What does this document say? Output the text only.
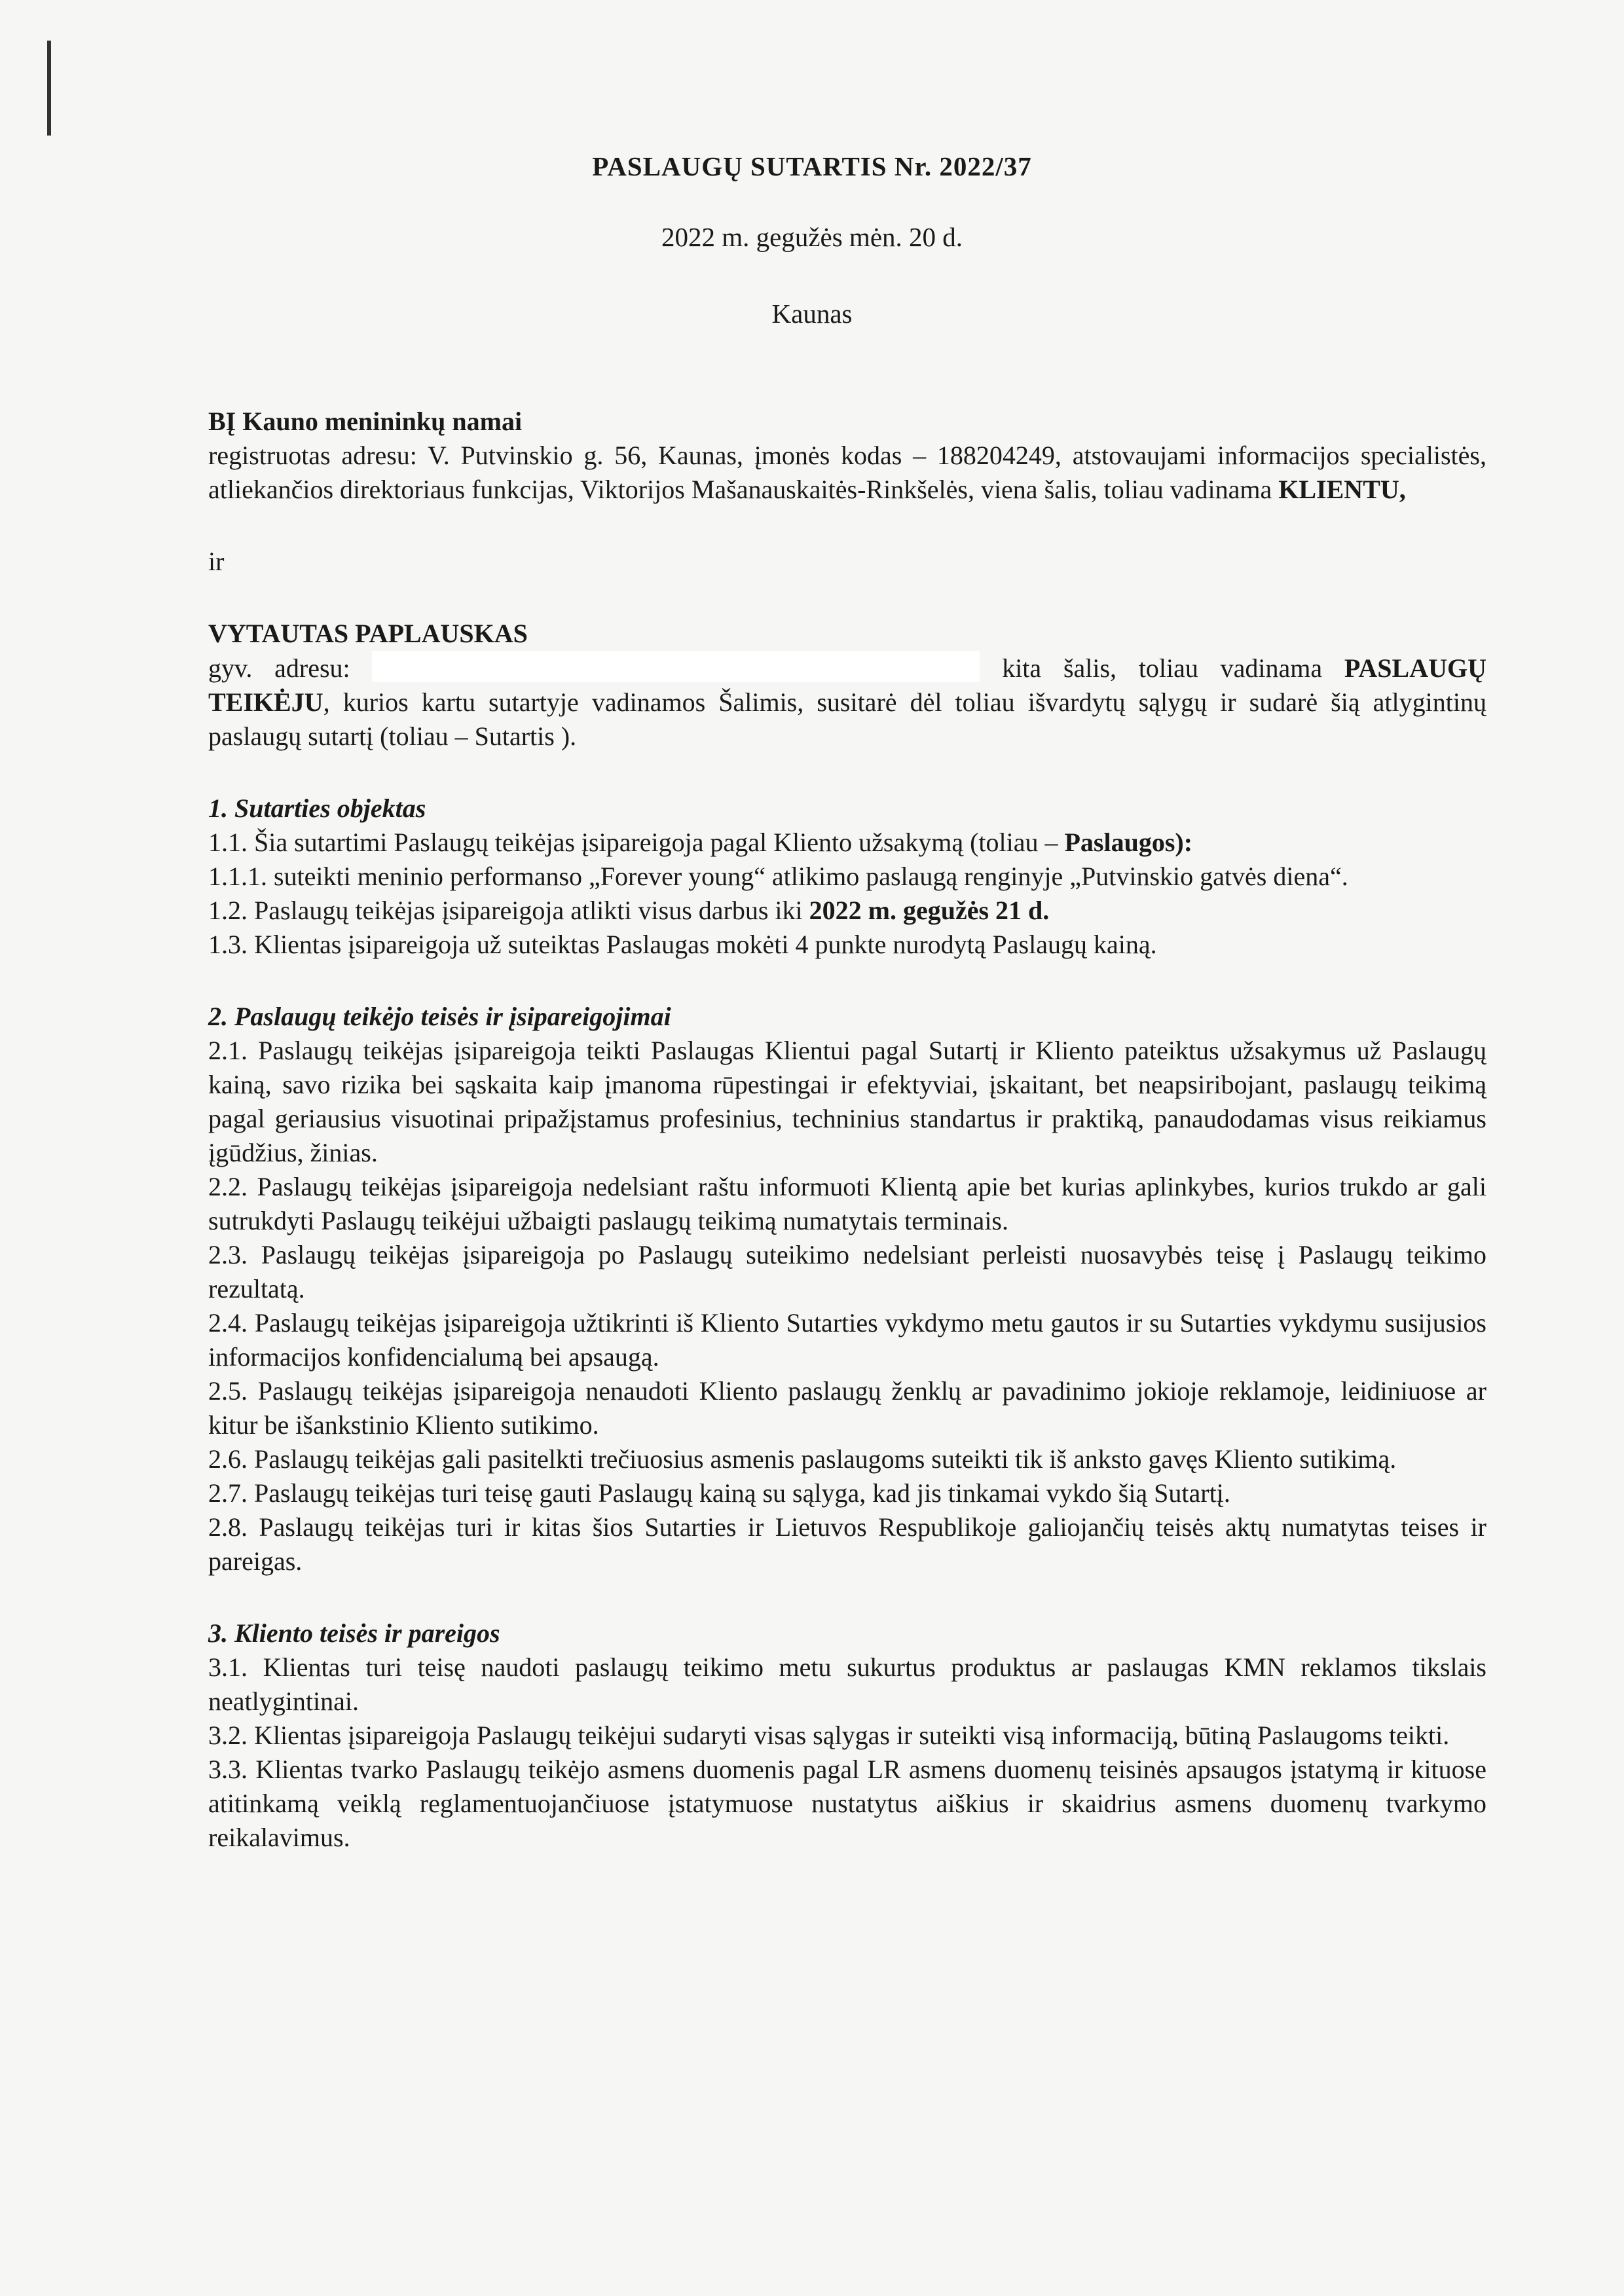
PASLAUGŲ SUTARTIS Nr. 2022/37
2022 m. gegužės mėn. 20 d.
Kaunas

BĮ Kauno menininkų namai

registruotas adresu: V. Putvinskio g. 56, Kaunas, įmonės kodas – 188204249, atstovaujami informacijos specialistės, atliekančios direktoriaus funkcijas, Viktorijos Mašanauskaitės-Rinkšelės, viena šalis, toliau vadinama KLIENTU,

ir

VYTAUTAS PAPLAUSKAS

gyv. adresu:	kita šalis, toliau vadinama PASLAUGŲ TEIKĖJU, kurios kartu sutartyje vadinamos Šalimis, susitarė dėl toliau išvardytų sąlygų ir sudarė šią atlygintinų paslaugų sutartį (toliau – Sutartis ).

1. Sutarties objektas

1.1. Šia sutartimi Paslaugų teikėjas įsipareigoja pagal Kliento užsakymą (toliau – Paslaugos):

1.1.1. suteikti meninio performanso „Forever young“ atlikimo paslaugą renginyje „Putvinskio gatvės diena“.

1.2. Paslaugų teikėjas įsipareigoja atlikti visus darbus iki 2022 m. gegužės 21 d.

1.3. Klientas įsipareigoja už suteiktas Paslaugas mokėti 4 punkte nurodytą Paslaugų kainą.

2. Paslaugų teikėjo teisės ir įsipareigojimai

2.1. Paslaugų teikėjas įsipareigoja teikti Paslaugas Klientui pagal Sutartį ir Kliento pateiktus užsakymus už Paslaugų kainą, savo rizika bei sąskaita kaip įmanoma rūpestingai ir efektyviai, įskaitant, bet neapsiribojant, paslaugų teikimą pagal geriausius visuotinai pripažįstamus profesinius, techninius standartus ir praktiką, panaudodamas visus reikiamus įgūdžius, žinias.

2.2. Paslaugų teikėjas įsipareigoja nedelsiant raštu informuoti Klientą apie bet kurias aplinkybes, kurios trukdo ar gali sutrukdyti Paslaugų teikėjui užbaigti paslaugų teikimą numatytais terminais.

2.3. Paslaugų teikėjas įsipareigoja po Paslaugų suteikimo nedelsiant perleisti nuosavybės teisę į Paslaugų teikimo rezultatą.

2.4. Paslaugų teikėjas įsipareigoja užtikrinti iš Kliento Sutarties vykdymo metu gautos ir su Sutarties vykdymu susijusios informacijos konfidencialumą bei apsaugą.

2.5. Paslaugų teikėjas įsipareigoja nenaudoti Kliento paslaugų ženklų ar pavadinimo jokioje reklamoje, leidiniuose ar kitur be išankstinio Kliento sutikimo.

2.6. Paslaugų teikėjas gali pasitelkti trečiuosius asmenis paslaugoms suteikti tik iš anksto gavęs Kliento sutikimą.

2.7. Paslaugų teikėjas turi teisę gauti Paslaugų kainą su sąlyga, kad jis tinkamai vykdo šią Sutartį.

2.8. Paslaugų teikėjas turi ir kitas šios Sutarties ir Lietuvos Respublikoje galiojančių teisės aktų numatytas teises ir pareigas.

3. Kliento teisės ir pareigos

3.1. Klientas turi teisę naudoti paslaugų teikimo metu sukurtus produktus ar paslaugas KMN reklamos tikslais neatlygintinai.

3.2. Klientas įsipareigoja Paslaugų teikėjui sudaryti visas sąlygas ir suteikti visą informaciją, būtiną Paslaugoms teikti.

3.3. Klientas tvarko Paslaugų teikėjo asmens duomenis pagal LR asmens duomenų teisinės apsaugos įstatymą ir kituose atitinkamą veiklą reglamentuojančiuose įstatymuose nustatytus aiškius ir skaidrius asmens duomenų tvarkymo reikalavimus.
